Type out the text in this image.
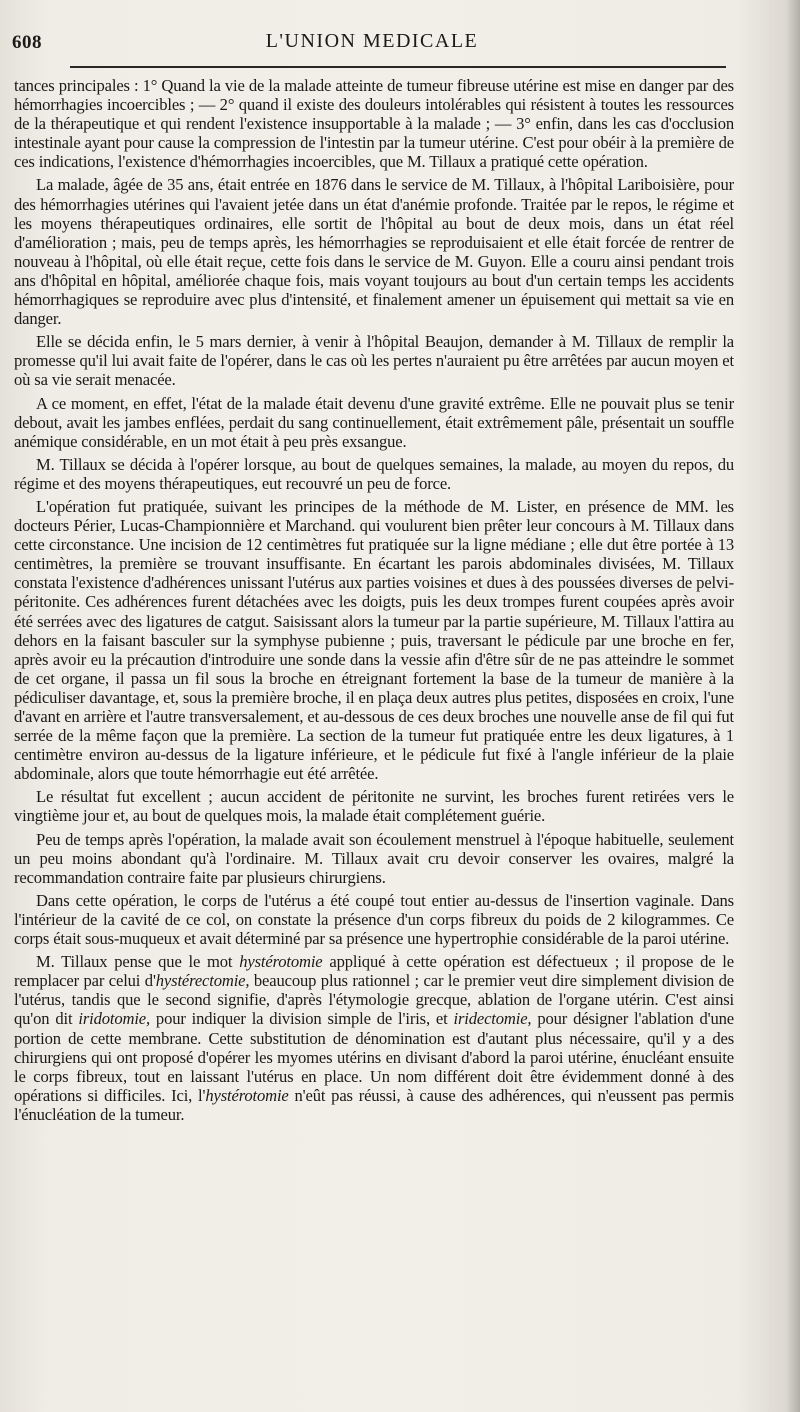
608	L'UNION MEDICALE

tances principales : 1° Quand la vie de la malade atteinte de tumeur fibreuse utérine est mise en danger par des hémorrhagies incoercibles ; — 2° quand il existe des douleurs intolérables qui résistent à toutes les ressources de la thérapeutique et qui rendent l'existence insupportable à la malade ; — 3° enfin, dans les cas d'occlusion intestinale ayant pour cause la compression de l'intestin par la tumeur utérine. C'est pour obéir à la première de ces indications, l'existence d'hémorrhagies incoercibles, que M. Tillaux a pratiqué cette opération.

La malade, âgée de 35 ans, était entrée en 1876 dans le service de M. Tillaux, à l'hôpital Lariboisière, pour des hémorrhagies utérines qui l'avaient jetée dans un état d'anémie profonde. Traitée par le repos, le régime et les moyens thérapeutiques ordinaires, elle sortit de l'hôpital au bout de deux mois, dans un état réel d'amélioration ; mais, peu de temps après, les hémorrhagies se reproduisaient et elle était forcée de rentrer de nouveau à l'hôpital, où elle était reçue, cette fois dans le service de M. Guyon. Elle a couru ainsi pendant trois ans d'hôpital en hôpital, améliorée chaque fois, mais voyant toujours au bout d'un certain temps les accidents hémorrhagiques se reproduire avec plus d'intensité, et finalement amener un épuisement qui mettait sa vie en danger.

Elle se décida enfin, le 5 mars dernier, à venir à l'hôpital Beaujon, demander à M. Tillaux de remplir la promesse qu'il lui avait faite de l'opérer, dans le cas où les pertes n'auraient pu être arrêtées par aucun moyen et où sa vie serait menacée.

A ce moment, en effet, l'état de la malade était devenu d'une gravité extrême. Elle ne pouvait plus se tenir debout, avait les jambes enflées, perdait du sang continuellement, était extrêmement pâle, présentait un souffle anémique considérable, en un mot était à peu près exsangue.

M. Tillaux se décida à l'opérer lorsque, au bout de quelques semaines, la malade, au moyen du repos, du régime et des moyens thérapeutiques, eut recouvré un peu de force.

L'opération fut pratiquée, suivant les principes de la méthode de M. Lister, en présence de MM. les docteurs Périer, Lucas-Championnière et Marchand. qui voulurent bien prêter leur concours à M. Tillaux dans cette circonstance. Une incision de 12 centimètres fut pratiquée sur la ligne médiane ; elle dut être portée à 13 centimètres, la première se trouvant insuffisante. En écartant les parois abdominales divisées, M. Tillaux constata l'existence d'adhérences unissant l'utérus aux parties voisines et dues à des poussées diverses de pelvi-péritonite. Ces adhérences furent détachées avec les doigts, puis les deux trompes furent coupées après avoir été serrées avec des ligatures de catgut. Saisissant alors la tumeur par la partie supérieure, M. Tillaux l'attira au dehors en la faisant basculer sur la symphyse pubienne ; puis, traversant le pédicule par une broche en fer, après avoir eu la précaution d'introduire une sonde dans la vessie afin d'être sûr de ne pas atteindre le sommet de cet organe, il passa un fil sous la broche en étreignant fortement la base de la tumeur de manière à la pédiculiser davantage, et, sous la première broche, il en plaça deux autres plus petites, disposées en croix, l'une d'avant en arrière et l'autre transversalement, et au-dessous de ces deux broches une nouvelle anse de fil qui fut serrée de la même façon que la première. La section de la tumeur fut pratiquée entre les deux ligatures, à 1 centimètre environ au-dessus de la ligature inférieure, et le pédicule fut fixé à l'angle inférieur de la plaie abdominale, alors que toute hémorrhagie eut été arrêtée.

Le résultat fut excellent ; aucun accident de péritonite ne survint, les broches furent retirées vers le vingtième jour et, au bout de quelques mois, la malade était complétement guérie.

Peu de temps après l'opération, la malade avait son écoulement menstruel à l'époque habituelle, seulement un peu moins abondant qu'à l'ordinaire. M. Tillaux avait cru devoir conserver les ovaires, malgré la recommandation contraire faite par plusieurs chirurgiens.

Dans cette opération, le corps de l'utérus a été coupé tout entier au-dessus de l'insertion vaginale. Dans l'intérieur de la cavité de ce col, on constate la présence d'un corps fibreux du poids de 2 kilogrammes. Ce corps était sous-muqueux et avait déterminé par sa présence une hypertrophie considérable de la paroi utérine.

M. Tillaux pense que le mot hystérotomie appliqué à cette opération est défectueux ; il propose de le remplacer par celui d'hystérectomie, beaucoup plus rationnel ; car le premier veut dire simplement division de l'utérus, tandis que le second signifie, d'après l'étymologie grecque, ablation de l'organe utérin. C'est ainsi qu'on dit iridotomie, pour indiquer la division simple de l'iris, et iridectomie, pour désigner l'ablation d'une portion de cette membrane. Cette substitution de dénomination est d'autant plus nécessaire, qu'il y a des chirurgiens qui ont proposé d'opérer les myomes utérins en divisant d'abord la paroi utérine, énucléant ensuite le corps fibreux, tout en laissant l'utérus en place. Un nom différent doit être évidemment donné à des opérations si difficiles. Ici, l'hystérotomie n'eût pas réussi, à cause des adhérences, qui n'eussent pas permis l'énucléation de la tumeur.
